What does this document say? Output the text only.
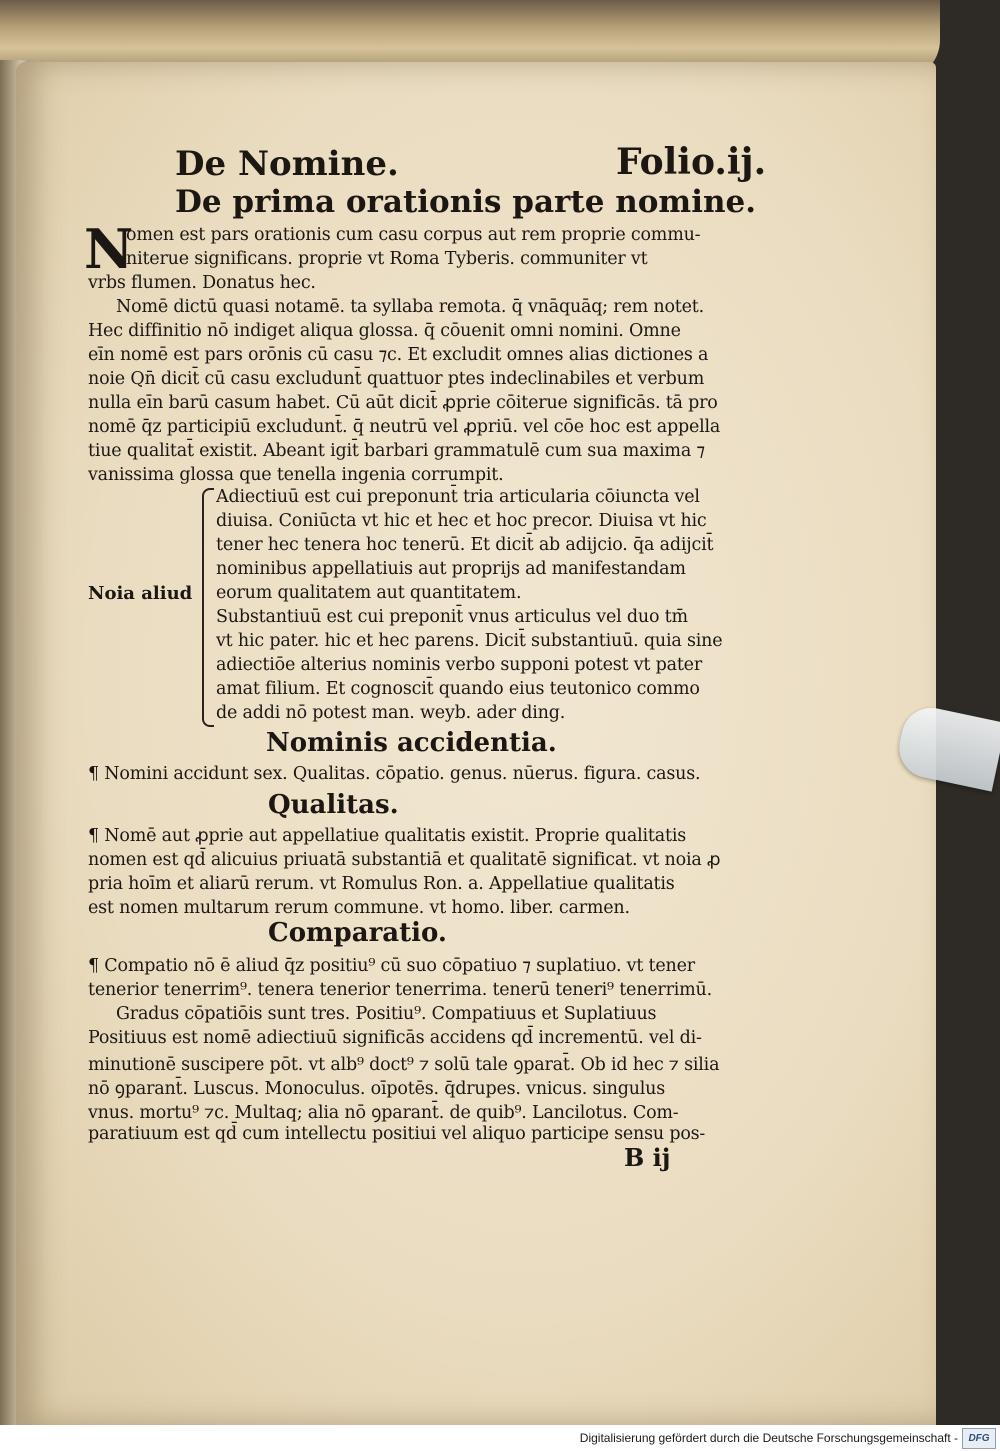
De Nomine.	Folio.ij.
De prima orationis parte nomine.
N
omen est pars orationis cum casu corpus aut rem proprie commu-
niterue significans. proprie vt Roma Tyberis. communiter vt
vrbs flumen. Donatus hec.
Nomē dictū quasi notamē. ta syllaba remota. q̄ vnāquāq; rem notet.
Hec diffinitio nō indiget aliqua glossa. q̄ cōuenit omni nomini. Omne
eīn nomē est pars orōnis cū casu ⁊c. Et excludit omnes alias dictiones a
noie Qn̄ dicit̄ cū casu excludunt̄ quattuor ptes indeclinabiles et verbum
nulla eīn barū casum habet. Cū aūt dicit̄ ꝓprie cōiterue significās. tā pro
nomē q̄z participiū excludunt̄. q̄ neutrū vel ꝓpriū. vel cōe hoc est appella
tiue qualitat̄ existit. Abeant igit̄ barbari grammatulē cum sua maxima ⁊
vanissima glossa que tenella ingenia corrumpit.
Noia aliud
Adiectiuū est cui preponunt̄ tria articularia cōiuncta vel
diuisa. Coniūcta vt hic et hec et hoc precor. Diuisa vt hic
tener hec tenera hoc tenerū. Et dicit̄ ab adijcio. q̄a adijcit̄
nominibus appellatiuis aut proprijs ad manifestandam
eorum qualitatem aut quantitatem.
Substantiuū est cui preponit̄ vnus articulus vel duo tm̄
vt hic pater. hic et hec parens. Dicit̄ substantiuū. quia sine
adiectiōe alterius nominis verbo supponi potest vt pater
amat filium. Et cognoscit̄ quando eius teutonico commo
de addi nō potest man. weyb. ader ding.
Nominis accidentia.
¶ Nomini accidunt sex. Qualitas. cōpatio. genus. nūerus. figura. casus.
Qualitas.
¶ Nomē aut ꝓprie aut appellatiue qualitatis existit. Proprie qualitatis
nomen est qd̄ alicuius priuatā substantiā et qualitatē significat. vt noia ꝓ
pria hoīm et aliarū rerum. vt Romulus Ron. a. Appellatiue qualitatis
est nomen multarum rerum commune. vt homo. liber. carmen.
Comparatio.
¶ Compatio nō ē aliud q̄z positiu⁹ cū suo cōpatiuo ⁊ suplatiuo. vt tener
tenerior tenerrim⁹. tenera tenerior tenerrima. tenerū teneri⁹ tenerrimū.
Gradus cōpatiōis sunt tres. Positiu⁹. Compatiuus et Suplatiuus
Positiuus est nomē adiectiuū significās accidens qd̄ incrementū. vel di-
minutionē suscipere pōt. vt alb⁹ doct⁹ ⁊ solū tale ꝯparat̄. Ob id hec ⁊ silia
nō ꝯparant̄. Luscus. Monoculus. oīpotēs. q̄drupes. vnicus. singulus
vnus. mortu⁹ ⁊c. Multaq; alia nō ꝯparant̄. de quib⁹. Lancilotus. Com-
paratiuum est qd̄ cum intellectu positiui vel aliquo participe sensu pos-
B ij
Digitalisierung gefördert durch die Deutsche Forschungsgemeinschaft -	DFG
